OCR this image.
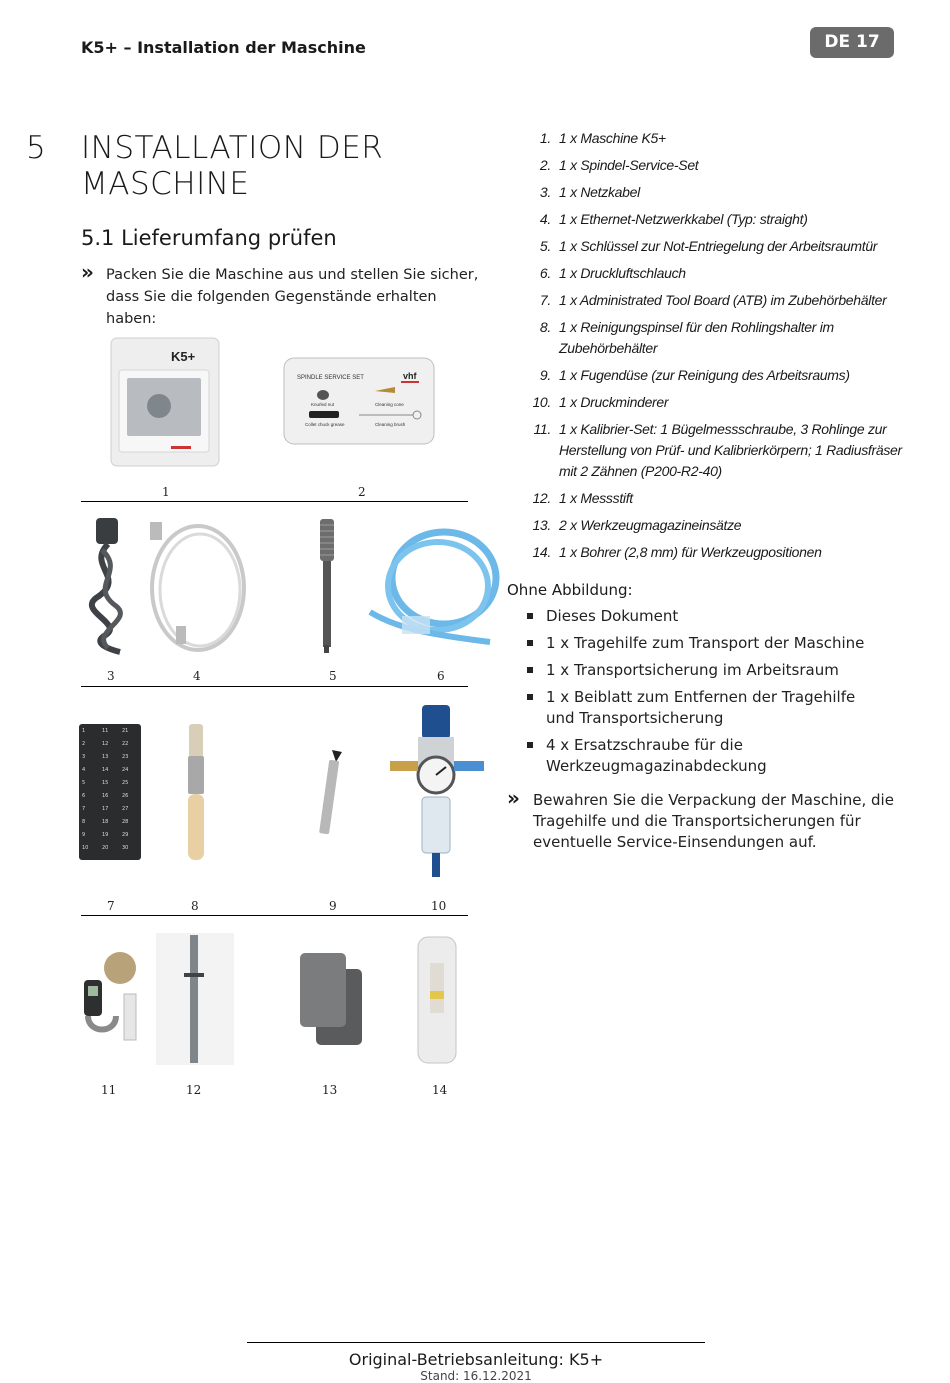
K5+ – Installation der Maschine	DE 17
5 INSTALLATION DER
MASCHINE
5.1 Lieferumfang prüfen
» Packen Sie die Maschine aus und stellen Sie sicher, dass Sie die folgenden Gegenstände erhalten haben:
K5+
SPINDLE SERVICE SET	vhf
Knurled nut	Cleaning cone
Collet chuck grease	Cleaning brush
1	2
3	4	5	6
1	11	21
2	12	22
3	13	23
4	14	24
5	15	25
6	16	26
7	17	27
8	18	28
9	19	29
10	20	30
7	8	9	10
11	12	13	14
1. 1 x Maschine K5+
2. 1 x Spindel-Service-Set
3. 1 x Netzkabel
4. 1 x Ethernet-Netzwerkkabel (Typ: straight)
5. 1 x Schlüssel zur Not-Entriegelung der Arbeitsraumtür
6. 1 x Druckluftschlauch
7. 1 x Administrated Tool Board (ATB) im Zubehörbehälter
8. 1 x Reinigungspinsel für den Rohlingshalter im Zubehörbehälter
9. 1 x Fugendüse (zur Reinigung des Arbeitsraums)
10. 1 x Druckminderer
11. 1 x Kalibrier-Set: 1 Bügelmessschraube, 3 Rohlinge zur Herstellung von Prüf- und Kalibrierkörpern; 1 Radiusfräser mit 2 Zähnen (P200-R2-40)
12. 1 x Messstift
13. 2 x Werkzeugmagazineinsätze
14. 1 x Bohrer (2,8 mm) für Werkzeugpositionen
Ohne Abbildung:
Dieses Dokument
1 x Tragehilfe zum Transport der Maschine
1 x Transportsicherung im Arbeitsraum
1 x Beiblatt zum Entfernen der Tragehilfe und Transportsicherung
4 x Ersatzschraube für die Werkzeugmagazinabdeckung
» Bewahren Sie die Verpackung der Maschine, die Tragehilfe und die Transportsicherungen für eventuelle Service-Einsendungen auf.
Original-Betriebsanleitung: K5+
Stand: 16.12.2021
